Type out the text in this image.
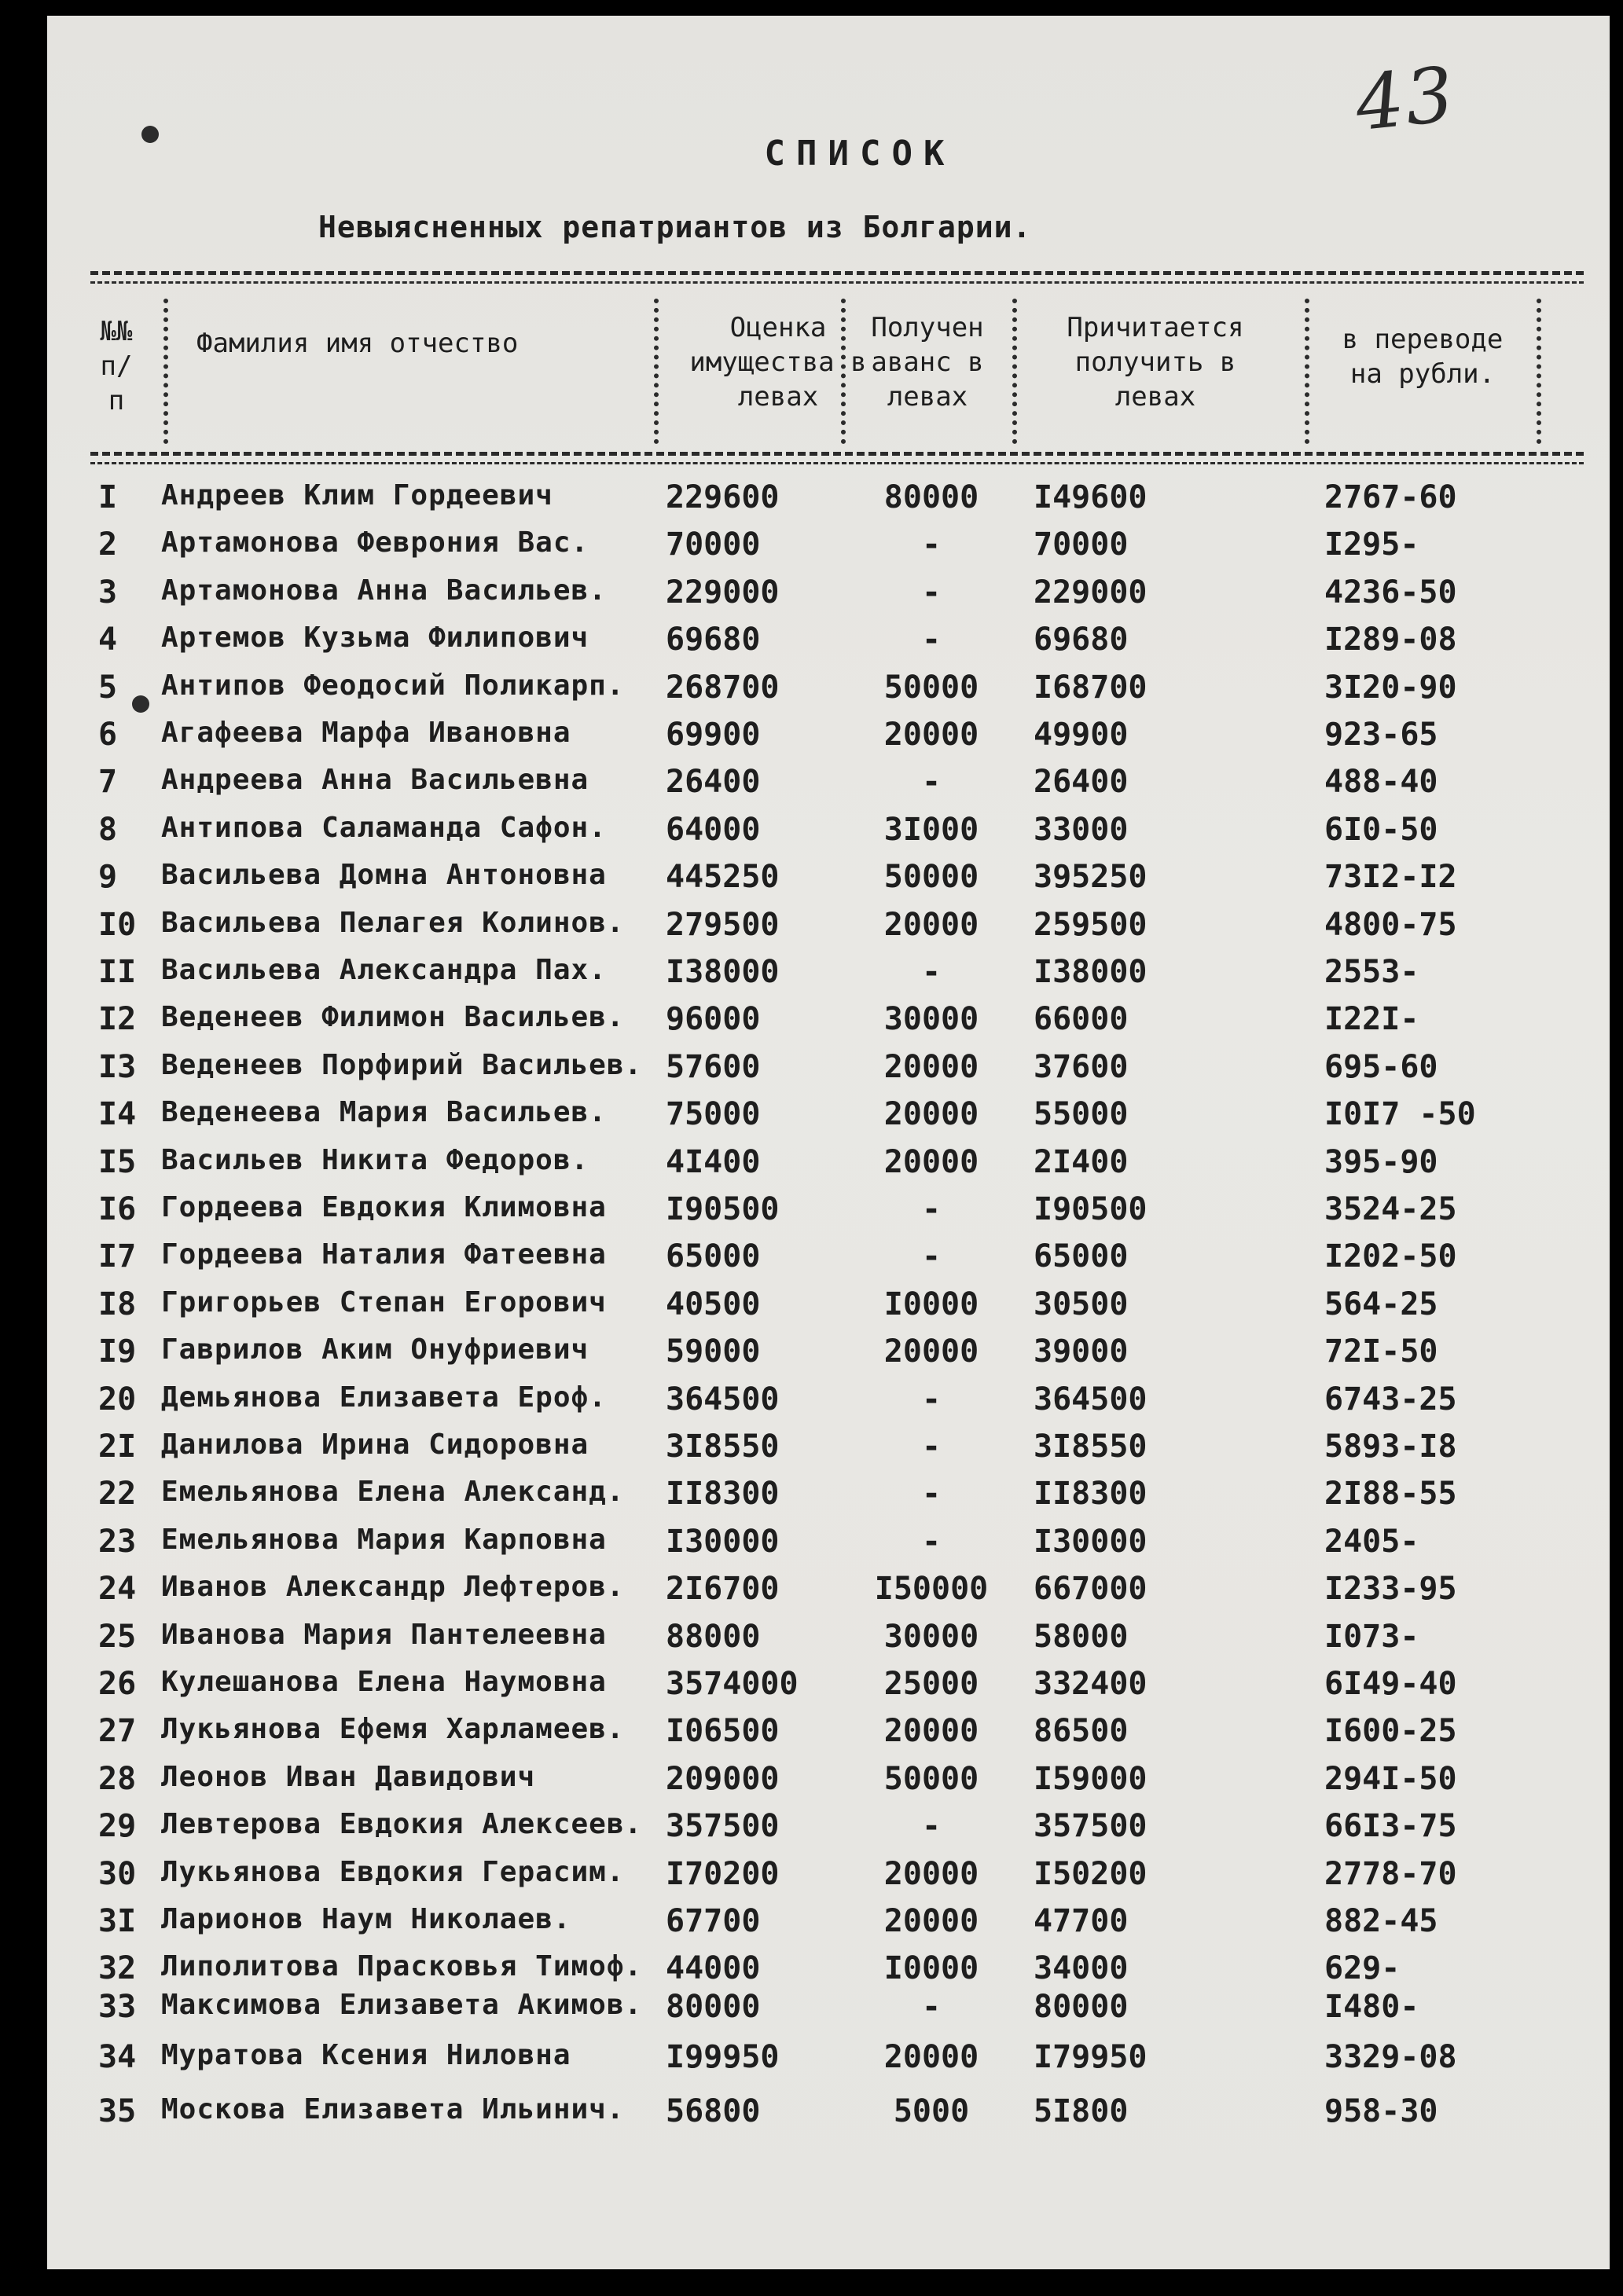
43
СПИСОК
Невыясненных репатриантов из Болгарии.
№№ п/п
Фамилия имя отчество	Оценка имущества в левах
Получен аванс в левах
Причитается получить в левах
в переводе на рубли.
I	Андреев Клим Гордеевич	229600	80000	I49600	2767-60
2	Артамонова Феврония Вас. 70000	-	70000	I295-
3	Артамонова Анна Васильев. 229000	-	229000	4236-50
4	Артемов Кузьма Филипович 69680	-	69680	I289-08
5	Антипов Феодосий Поликарп. 268700	50000	I68700	3I20-90
6	Агафеева Марфа Ивановна	69900	20000	49900	923-65
7	Андреева Анна Васильевна 26400	-	26400	488-40
8	Антипова Саламанда Сафон. 64000	3I000	33000	6I0-50
9	Васильева Домна Антоновна 445250	50000	395250	73I2-I2
I0 Васильева Пелагея Колинов. 279500	20000	259500	4800-75
II Васильева Александра Пах. I38000	-	I38000	2553-
I2 Веденеев Филимон Васильев. 96000	30000	66000	I22I-
I3 Веденеев Порфирий Васильев. 57600	20000	37600	695-60
I4 Веденеева Мария Васильев. 75000	20000	55000	I0I7 -50
I5 Васильев Никита Федоров. 4I400	20000	2I400	395-90
I6 Гордеева Евдокия Климовна I90500	-	I90500	3524-25
I7 Гордеева Наталия Фатеевна 65000	-	65000	I202-50
I8 Григорьев Степан Егорович 40500	I0000	30500	564-25
I9 Гаврилов Аким Онуфриевич 59000	20000	39000	72I-50
20 Демьянова Елизавета Ероф. 364500	-	364500	6743-25
2I Данилова Ирина Сидоровна 3I8550	-	3I8550	5893-I8
22 Емельянова Елена Александ. II8300	-	II8300	2I88-55
23 Емельянова Мария Карповна I30000	-	I30000	2405-
24 Иванов Александр Лефтеров. 2I6700	I50000	667000	I233-95
25 Иванова Мария Пантелеевна 88000	30000	58000	I073-
26 Кулешанова Елена Наумовна 3574000	25000	332400	6I49-40
27 Лукьянова Ефемя Харламеев. I06500	20000	86500	I600-25
28 Леонов Иван Давидович	209000	50000	I59000	294I-50
29 Левтерова Евдокия Алексеев. 357500	-	357500	66I3-75
30 Лукьянова Евдокия Герасим. I70200	20000	I50200	2778-70
3I Ларионов Наум Николаев.	67700	20000	47700	882-45
32 Липолитова Прасковья Тимоф. 44000	I0000	34000	629-
33 Максимова Елизавета Акимов. 80000	-	80000	I480-
34 Муратова Ксения Ниловна	I99950	20000	I79950	3329-08
35 Москова Елизавета Ильинич. 56800	5000	5I800	958-30
